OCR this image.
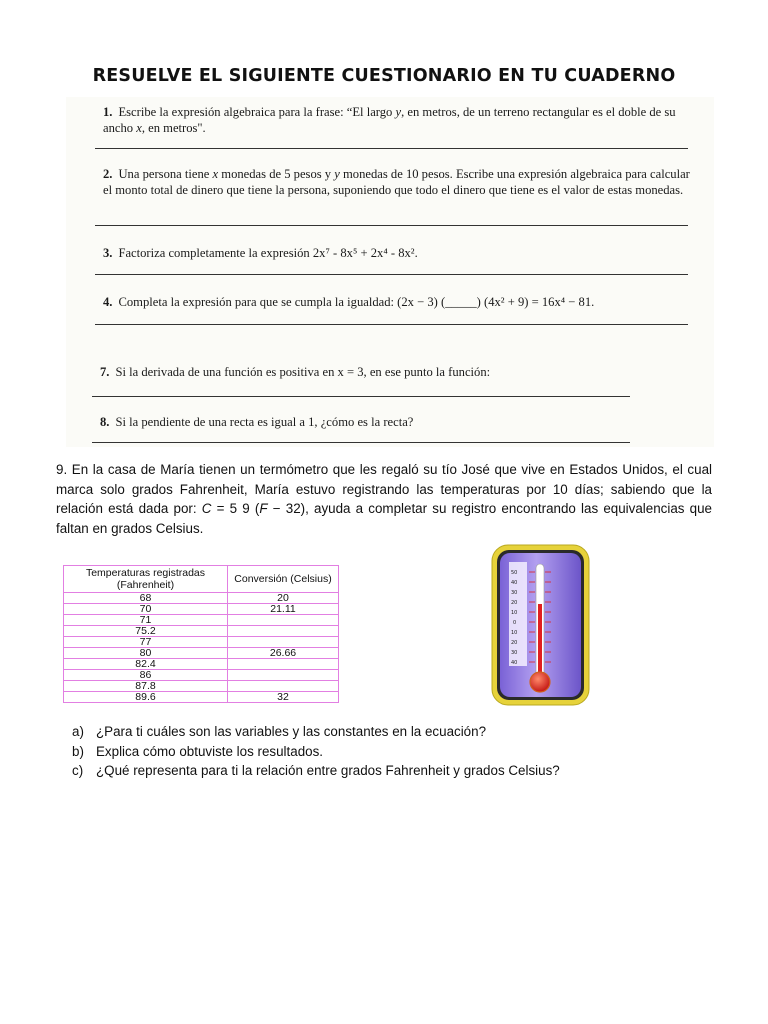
RESUELVE EL SIGUIENTE CUESTIONARIO EN TU CUADERNO
1. Escribe la expresión algebraica para la frase: “El largo y, en metros, de un terreno rectangular es el doble de su ancho x, en metros".
2. Una persona tiene x monedas de 5 pesos y y monedas de 10 pesos. Escribe una expresión algebraica para calcular el monto total de dinero que tiene la persona, suponiendo que todo el dinero que tiene es el valor de estas monedas.
3. Factoriza completamente la expresión 2x⁷ - 8x⁵ + 2x⁴ - 8x².
4. Completa la expresión para que se cumpla la igualdad: (2x − 3) (_____) (4x² + 9) = 16x⁴ − 81.
7. Si la derivada de una función es positiva en x = 3, en ese punto la función:
8. Si la pendiente de una recta es igual a 1, ¿cómo es la recta?
9. En la casa de María tienen un termómetro que les regaló su tío José que vive en Estados Unidos, el cual marca solo grados Fahrenheit, María estuvo registrando las temperaturas por 10 días; sabiendo que la relación está dada por: C = 5 9 (F − 32), ayuda a completar su registro encontrando las equivalencias que faltan en grados Celsius.
Temperaturas registradas (Fahrenheit)	Conversión (Celsius)
68	20
70	21.11
71	
75.2	
77	
80	26.66
82.4	
86	
87.8	
89.6	32
50
40
30
20
10
0
10
20
30
40
a) ¿Para ti cuáles son las variables y las constantes en la ecuación?
b) Explica cómo obtuviste los resultados.
c) ¿Qué representa para ti la relación entre grados Fahrenheit y grados Celsius?
